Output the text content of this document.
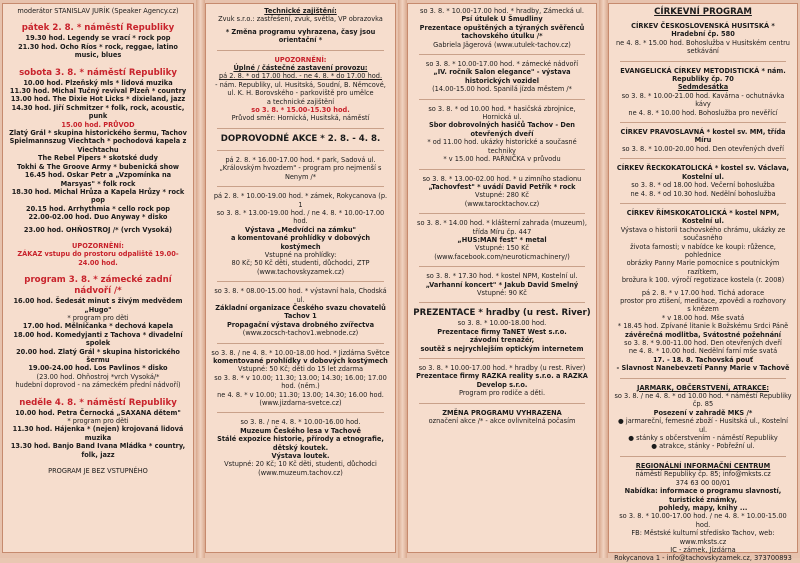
moderátor STANISLAV JURÍK (Speaker Agency.cz)

pátek 2. 8. * náměstí Republiky

19.30 hod. Legendy se vrací * rock pop

21.30 hod. Ocho Ríos * rock, reggae, latino music, blues

sobota 3. 8. * náměstí Republiky

10.00 hod. Plzeňský mls * lidová muzika

11.30 hod. Michal Tučný revival Plzeň * country

13.00 hod. The Dixie Hot Licks * dixieland, jazz

14.30 hod. Jiří Schmitzer * folk, rock, acoustic, punk

15.00 hod. PRŮVOD

Zlatý Grál * skupina historického šermu, Tachov

Spielmannszug Viechtach * pochodová kapela z Viechtachu

The Rebel Pipers * skotské dudy

Tokhi & The Groove Army * bubenická show

16.45 hod. Oskar Petr a „Vzpomínka na Marsyas" * folk rock

18.30 hod. Michal Hrůza a Kapela Hrůzy * rock pop

20.15 hod. Arrhythmia * cello rock pop

22.00-02.00 hod. Duo Anyway * disko

23.00 hod. OHŇOSTROJ /* (vrch Vysoká)

UPOZORNĚNÍ:

ZÁKAZ vstupu do prostoru odpaliště 19.00-24.00 hod.

program 3. 8. * zámecké zadní nádvoří /*

16.00 hod. Šedesát minut s živým medvědem „Hugo"

* program pro děti

17.00 hod. Mělničanka * dechová kapela

18.00 hod. Komedyjanti z Tachova * divadelní spolek

20.00 hod. Zlatý Grál * skupina historického šermu

19.00-24.00 hod. Los Pavlinos * disko

(23.00 hod. Ohňostroj *vrch Vysoká/*

hudební doprovod - na zámeckém přední nádvoří)

neděle 4. 8. * náměstí Republiky

10.00 hod. Petra Černocká „SAXANA dětem"

* program pro děti

11.30 hod. Hájenka * (nejen) krojovaná lidová muzika

13.30 hod. Banjo Band Ivana Mládka * country, folk, jazz

PROGRAM JE BEZ VSTUPNÉHO

Technické zajištění:

Zvuk s.r.o.: zastřešení, zvuk, světla, VP obrazovka

* Změna programu vyhrazena, časy jsou orientační *

UPOZORNĚNÍ:

Úplné / částečné zastavení provozu:

pá 2. 8. * od 17.00 hod. - ne 4. 8. * do 17.00 hod.

- nám. Republiky, ul. Husitská, Soudní, B. Němcové,

ul. K. H. Borovského - parkoviště pro umělce

a technické zajištění

so 3. 8. * 15.00-15.30 hod.

Průvod směr: Hornická, Husitská, náměstí

DOPROVODNÉ AKCE * 2. 8. - 4. 8.

pá 2. 8. * 16.00-17.00 hod. * park, Sadová ul.

„Královským hvozdem" - program pro nejmenší s Nenym /*

pá 2. 8. * 10.00-19.00 hod. * zámek, Rokycanova (p. 1

so 3. 8. * 13.00-19.00 hod. / ne 4. 8. * 10.00-17.00 hod.

Výstava „Medvídci na zámku"

a komentované prohlídky v dobových kostýmech

Vstupné na prohlídky:

80 Kč; 50 Kč děti, studenti, důchodci, ZTP

(www.tachovskyzamek.cz)

so 3. 8. * 08.00-15.00 hod. * výstavní hala, Chodská ul.

Základní organizace Českého svazu chovatelů Tachov 1

Propagační výstava drobného zvířectva

(www.zocsch-tachov1.webnode.cz)

so 3. 8. / ne 4. 8. * 10.00-18.00 hod. * Jizdárna Světce

komentované prohlídky v dobových kostýmech

Vstupné: 50 Kč; děti do 15 let zdarma

so 3. 8. * v 10.00; 11.30; 13.00; 14.30; 16.00; 17.00 hod. (něm.)

ne 4. 8. * v 10.00; 11.30; 13.00; 14.30; 16.00 hod.

(www.jizdarna-svetce.cz)

so 3. 8. / ne 4. 8. * 10.00-16.00 hod.

Muzeum Českého lesa v Tachově

Stálé expozice historie, přírody a etnografie,

dětský koutek.

Výstava loutek.

Vstupné: 20 Kč; 10 Kč děti, studenti, důchodci

(www.muzeum.tachov.cz)

so 3. 8. * 10.00-17.00 hod. * hradby, Zámecká ul.

Psí útulek U Šmudliny

Prezentace opuštěných a týraných svěřenců

tachovského útulku /*

Gabriela Jägerová (www.utulek-tachov.cz)

so 3. 8. * 10.00-17.00 hod. * zámecké nádvoří

„IV. ročník Salon elegance" - výstava historických vozidel

(14.00-15.00 hod. Spanilá jízda městem /*

so 3. 8. * od 10.00 hod. * hasičská zbrojnice, Hornická ul.

Sbor dobrovolných hasičů Tachov - Den otevřených dveří

* od 11.00 hod. ukázky historické a současné techniky

* v 15.00 hod. PAŘNIČKA v průvodu

so 3. 8. * 13.00-02.00 hod. * u zimního stadionu

„Tachovfest" * uvádí David Petřík * rock

Vstupné: 280 Kč

(www.tarocktachov.cz)

so 3. 8. * 14.00 hod. * klášterní zahrada (muzeum),

třída Míru čp. 447

„HUS:MAN fest" * metal

Vstupné: 150 Kč

(www.facebook.com/neuroticmachinery/)

so 3. 8. * 17.30 hod. * kostel NPM, Kostelní ul.

„Varhanní koncert" * Jakub David Smelný

Vstupné: 90 Kč

PREZENTACE * hradby (u rest. River)

so 3. 8. * 10.00-18.00 hod.

Prezentace firmy TaNET West s.r.o.

závodní trenažér,

soutěž s nejrychlejším optickým internetem

so 3. 8. * 10.00-17.00 hod. * hradby (u rest. River)

Prezentace firmy RAZKA reality s.r.o. a RAZKA Develop s.r.o.

Program pro rodiče a děti.

ZMĚNA PROGRAMU VYHRAZENA

označení akce /* - akce ovlivnitelná počasím

CÍRKEVNÍ PROGRAM

CÍRKEV ČESKOSLOVENSKÁ HUSITSKÁ * Hradební čp. 580

ne 4. 8. * 15.00 hod. Bohoslužba v Husitském centru setkávání

EVANGELICKÁ CÍRKEV METODISTICKÁ * nám. Republiky čp. 70

Sedmdesátka

so 3. 8. * 10.00-21.00 hod. Kavárna - ochutnávka kávy

ne 4. 8. * 10.00 hod. Bohoslužba pro nevěřící

CÍRKEV PRAVOSLAVNÁ * kostel sv. MM, třída Míru

so 3. 8. * 10.00-20.00 hod. Den otevřených dveří

CÍRKEV ŘECKOKATOLICKÁ * kostel sv. Václava, Kostelní ul.

so 3. 8. * od 18.00 hod. Večerní bohoslužba

ne 4. 8. * od 10.30 hod. Nedělní bohoslužba

CÍRKEV ŘÍMSKOKATOLICKÁ * kostel NPM, Kostelní ul.

Výstava o historii tachovského chrámu, ukázky ze současného

života farnosti; v nabídce ke koupi: růžence, pohlednice

obrázky Panny Marie pomocnice s poutnickým razítkem,

brožura k 100. výročí regotizace kostela (r. 2008)

pá 2. 8. * v 17.00 hod. Tichá adorace

prostor pro ztišení, meditace, zpovědi a rozhovory

s knězem

* v 18.00 hod. Mše svatá

* 18.45 hod. Zpívané litanie k Božskému Srdci Páně

závěrečná modlitba, Svátostné požehnání

so 3. 8. * 9.00-11.00 hod. Den otevřených dveří

ne 4. 8. * 10.00 hod. Nedělní farní mše svatá

17. - 18. 8. Tachovská pouť

- Slavnost Nanebevzetí Panny Marie v Tachově

JARMARK, OBČERSTVENÍ, ATRAKCE:

so 3. 8. / ne 4. 8. * od 10.00 hod. * náměstí Republiky čp. 85

Posezení v zahradě MKS /*

● jarmareční, femesné zboží - Husitská ul., Kostelní ul.

● stánky s občerstvením - náměstí Republiky

● atrakce, stánky - Pobřežní ul.

REGIONÁLNÍ INFORMAČNÍ CENTRUM

náměstí Republiky čp. 85; info@mksts.cz

374 63 00 00/01

Nabídka: informace o programu slavností, turistické známky,

pohledy, mapy, knihy ...

so 3. 8. * 10.00-17.00 hod. / ne 4. 8. * 10.00-15.00 hod.

FB: Městské kulturní středisko Tachov, web: www.mksts.cz

IC - zámek, Jízdárna

Rokycanova 1 - info@tachovskyzamek.cz, 373700893
